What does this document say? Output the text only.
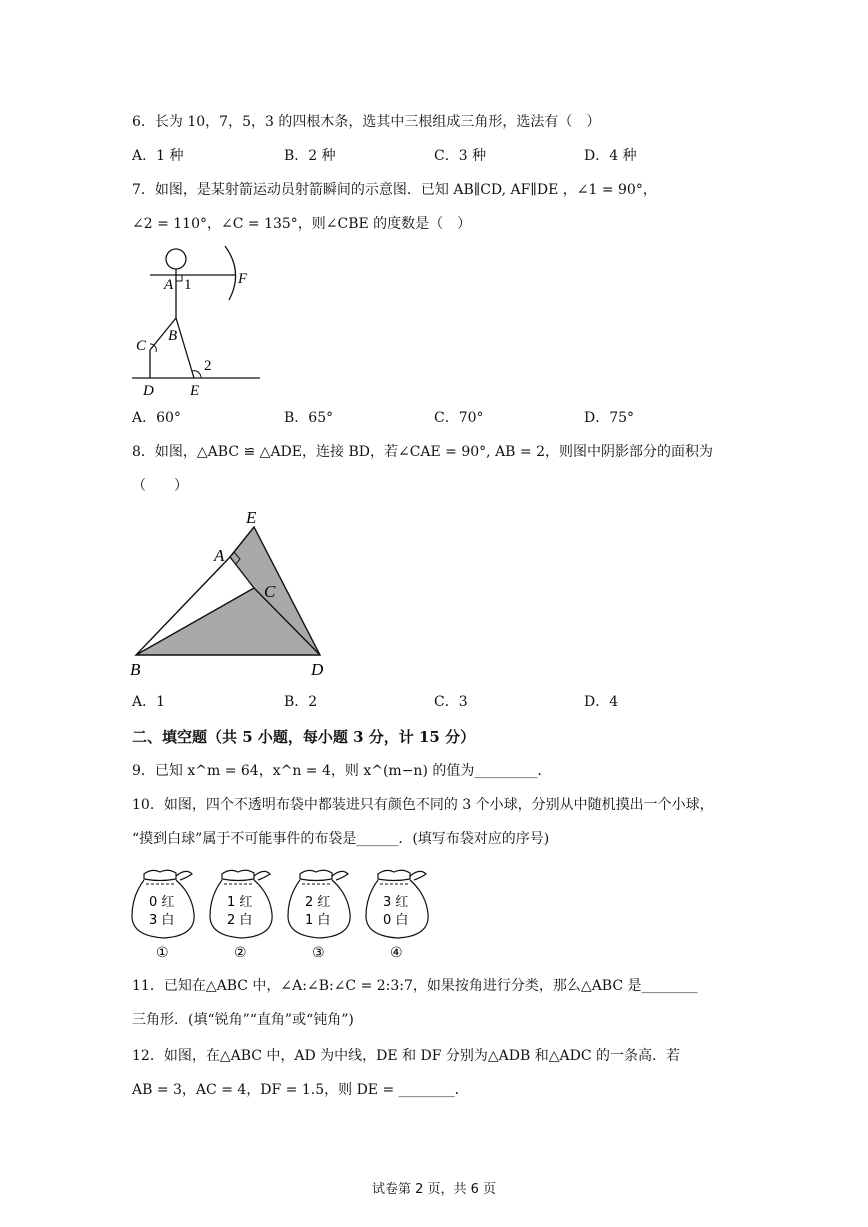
6．长为 10，7，5，3 的四根木条，选其中三根组成三角形，选法有（　）
A．1 种	B．2 种	C．3 种	D．4 种
7．如图，是某射箭运动员射箭瞬间的示意图．已知 AB∥CD, AF∥DE ，∠1 = 90°，
∠2 = 110°，∠C = 135°，则∠CBE 的度数是（　）
A 1	F
B
C
2
D E
A．60°	B．65°	C．70°	D．75°
8．如图，△ABC ≌ △ADE，连接 BD，若∠CAE = 90°, AB = 2，则图中阴影部分的面积为
（　　）
E
A
C
B	D
A．1	B．2	C．3	D．4
二、填空题（共 5 小题，每小题 3 分，计 15 分）
9．已知 x^m = 64，x^n = 4，则 x^(m−n) 的值为_________．
10．如图，四个不透明布袋中都装进只有颜色不同的 3 个小球，分别从中随机摸出一个小球，
“摸到白球”属于不可能事件的布袋是______．(填写布袋对应的序号)
0 红
3 白
①
1 红
2 白
②
2 红
1 白
③
3 红
0 白
④
11．已知在△ABC 中，∠A:∠B:∠C = 2:3:7，如果按角进行分类，那么△ABC 是________
三角形．(填“锐角”“直角”或“钝角”)
12．如图，在△ABC 中，AD 为中线，DE 和 DF 分别为△ADB 和△ADC 的一条高．若
AB = 3，AC = 4，DF = 1.5，则 DE = ________．
试卷第 2 页，共 6 页
